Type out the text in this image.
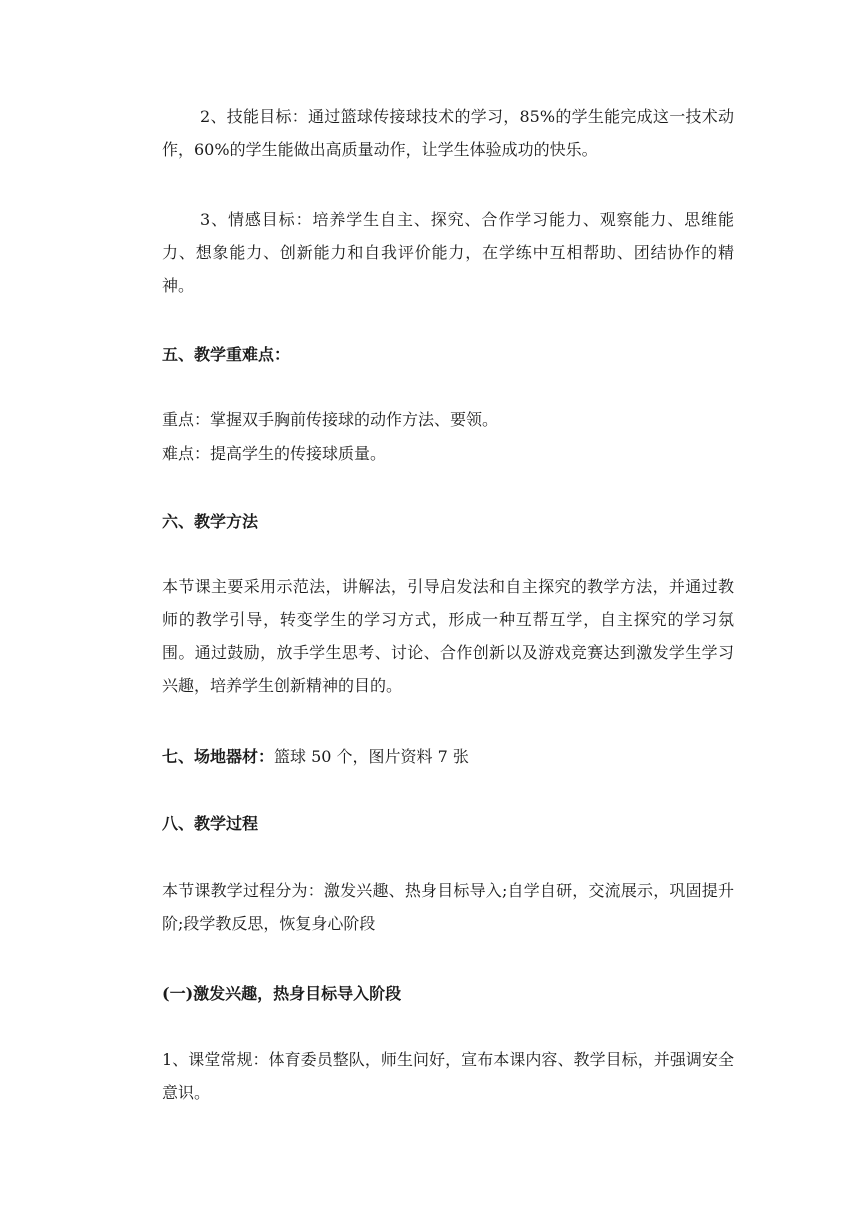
2、技能目标：通过篮球传接球技术的学习，85%的学生能完成这一技术动作，60%的学生能做出高质量动作，让学生体验成功的快乐。

3、情感目标：培养学生自主、探究、合作学习能力、观察能力、思维能力、想象能力、创新能力和自我评价能力，在学练中互相帮助、团结协作的精神。

五、教学重难点：

重点：掌握双手胸前传接球的动作方法、要领。

难点：提高学生的传接球质量。

六、教学方法

本节课主要采用示范法，讲解法，引导启发法和自主探究的教学方法，并通过教师的教学引导，转变学生的学习方式，形成一种互帮互学，自主探究的学习氛围。通过鼓励，放手学生思考、讨论、合作创新以及游戏竞赛达到激发学生学习兴趣，培养学生创新精神的目的。

七、场地器材：篮球 50 个，图片资料 7 张

八、教学过程

本节课教学过程分为：激发兴趣、热身目标导入;自学自研，交流展示，巩固提升阶;段学教反思，恢复身心阶段

(一)激发兴趣，热身目标导入阶段

1、课堂常规：体育委员整队，师生问好，宣布本课内容、教学目标，并强调安全意识。
